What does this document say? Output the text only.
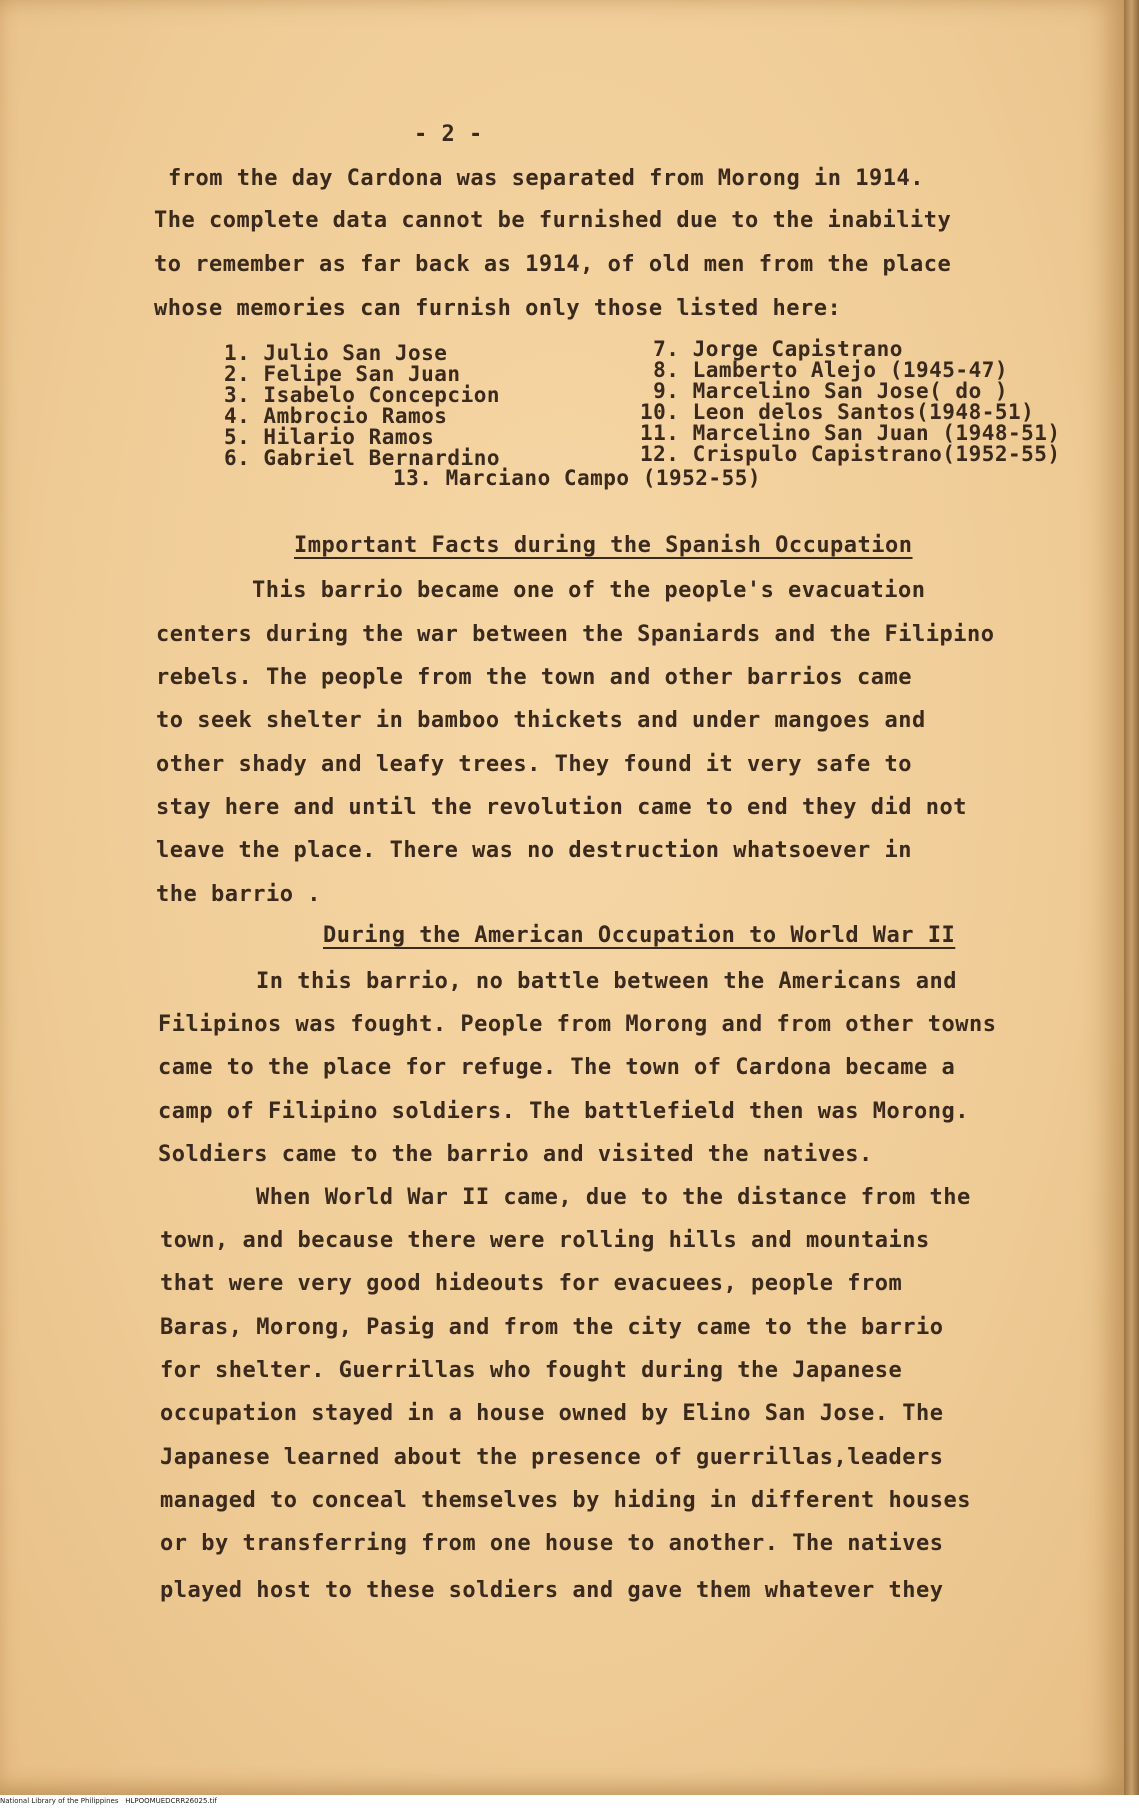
- 2 -
from the day Cardona was separated from Morong in 1914.
The complete data cannot be furnished due to the inability
to remember as far back as 1914, of old men from the place
whose memories can furnish only those listed here:
1. Julio San Jose
2. Felipe San Juan
3. Isabelo Concepcion
4. Ambrocio Ramos
5. Hilario Ramos
6. Gabriel Bernardino
7. Jorge Capistrano
8. Lamberto Alejo (1945-47)
9. Marcelino San Jose( do )
10. Leon delos Santos(1948-51)
11. Marcelino San Juan (1948-51)
12. Crispulo Capistrano(1952-55)
13. Marciano Campo (1952-55)
Important Facts during the Spanish Occupation
This barrio became one of the people's evacuation
centers during the war between the Spaniards and the Filipino
rebels. The people from the town and other barrios came
to seek shelter in bamboo thickets and under mangoes and
other shady and leafy trees. They found it very safe to
stay here and until the revolution came to end they did not
leave the place. There was no destruction whatsoever in
the barrio .
During the American Occupation to World War II
In this barrio, no battle between the Americans and
Filipinos was fought. People from Morong and from other towns
came to the place for refuge. The town of Cardona became a
camp of Filipino soldiers. The battlefield then was Morong.
Soldiers came to the barrio and visited the natives.
When World War II came, due to the distance from the
town, and because there were rolling hills and mountains
that were very good hideouts for evacuees, people from
Baras, Morong, Pasig and from the city came to the barrio
for shelter. Guerrillas who fought during the Japanese
occupation stayed in a house owned by Elino San Jose. The
Japanese learned about the presence of guerrillas,leaders
managed to conceal themselves by hiding in different houses
or by transferring from one house to another. The natives
played host to these soldiers and gave them whatever they
National Library of the Philippines HLPOOMUEDCRR26025.tif
